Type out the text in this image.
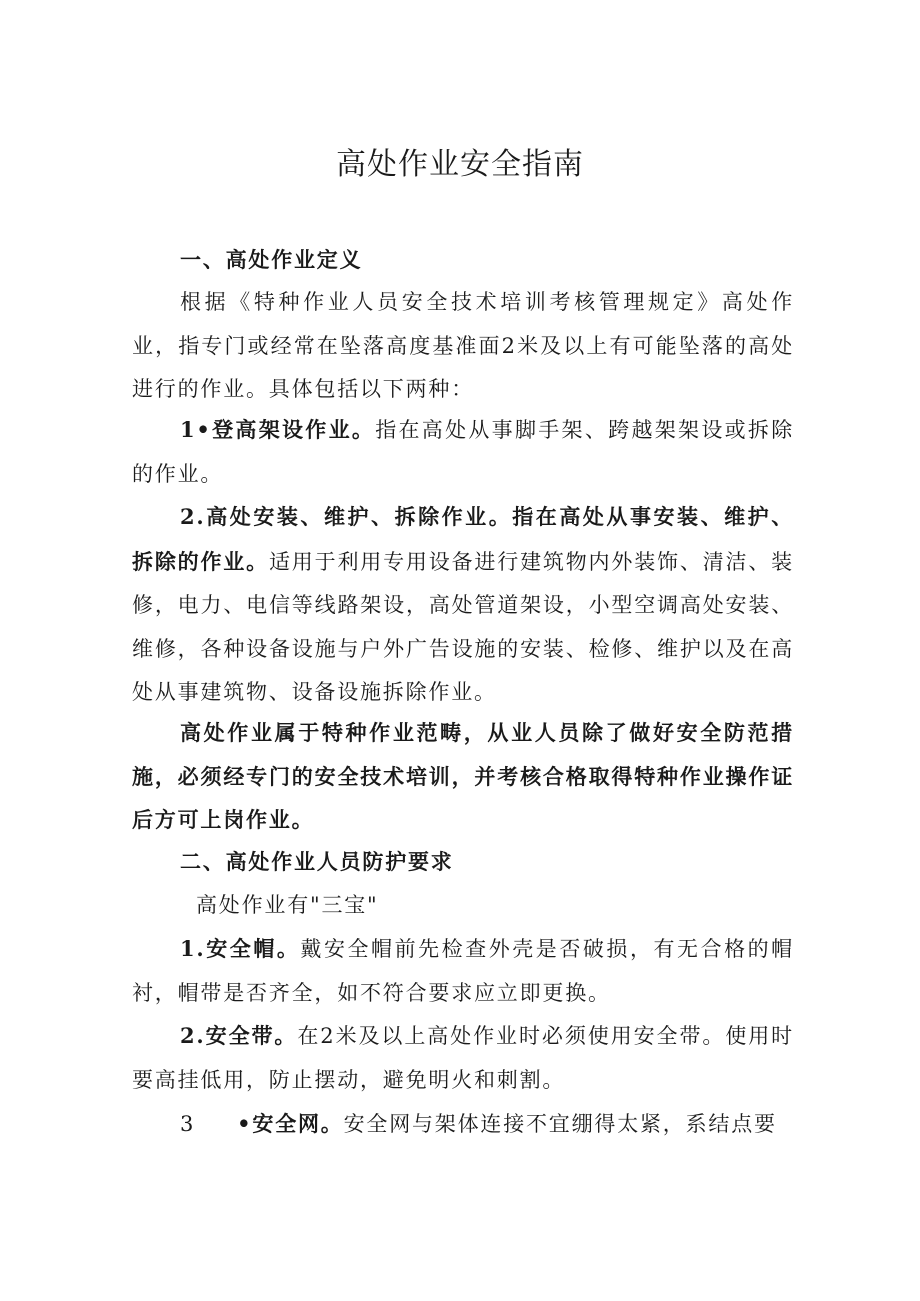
高处作业安全指南

一、高处作业定义

根据《特种作业人员安全技术培训考核管理规定》高处作业，指专门或经常在坠落高度基准面2米及以上有可能坠落的高处进行的作业。具体包括以下两种：

1•登高架设作业。指在高处从事脚手架、跨越架架设或拆除的作业。

2.高处安装、维护、拆除作业。指在高处从事安装、维护、拆除的作业。适用于利用专用设备进行建筑物内外装饰、清洁、装修，电力、电信等线路架设，高处管道架设，小型空调高处安装、维修，各种设备设施与户外广告设施的安装、检修、维护以及在高处从事建筑物、设备设施拆除作业。

高处作业属于特种作业范畴，从业人员除了做好安全防范措施，必须经专门的安全技术培训，并考核合格取得特种作业操作证后方可上岗作业。

二、高处作业人员防护要求

高处作业有"三宝"

1.安全帽。戴安全帽前先检查外壳是否破损，有无合格的帽衬，帽带是否齐全，如不符合要求应立即更换。

2.安全带。在2米及以上高处作业时必须使用安全带。使用时要高挂低用，防止摆动，避免明火和刺割。

3 •安全网。安全网与架体连接不宜绷得太紧，系结点要
